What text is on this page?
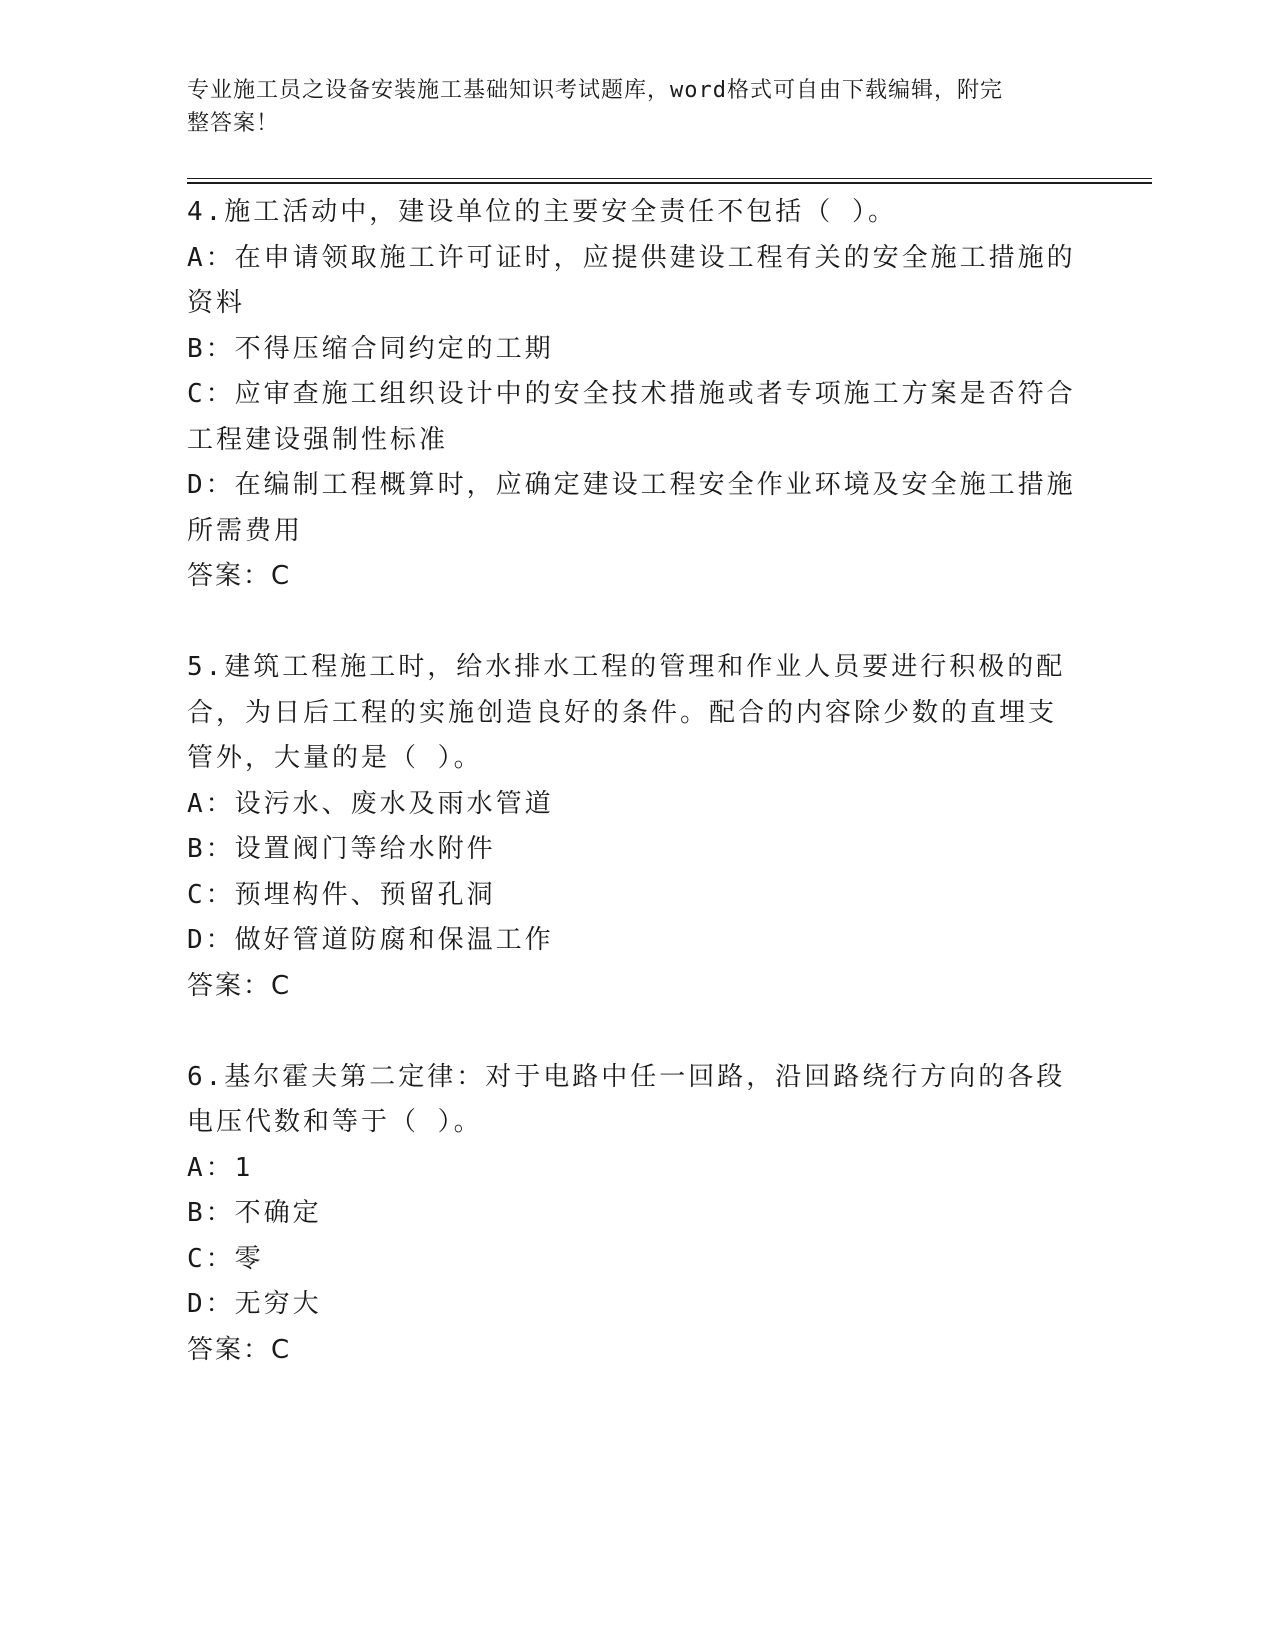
专业施工员之设备安装施工基础知识考试题库，word格式可自由下载编辑，附完
整答案！
4.施工活动中，建设单位的主要安全责任不包括（ ）。
A：在申请领取施工许可证时，应提供建设工程有关的安全施工措施的
资料
B：不得压缩合同约定的工期
C：应审查施工组织设计中的安全技术措施或者专项施工方案是否符合
工程建设强制性标准
D：在编制工程概算时，应确定建设工程安全作业环境及安全施工措施
所需费用
答案：C
5.建筑工程施工时，给水排水工程的管理和作业人员要进行积极的配
合，为日后工程的实施创造良好的条件。配合的内容除少数的直埋支
管外，大量的是（ ）。
A：设污水、废水及雨水管道
B：设置阀门等给水附件
C：预埋构件、预留孔洞
D：做好管道防腐和保温工作
答案：C
6.基尔霍夫第二定律：对于电路中任一回路，沿回路绕行方向的各段
电压代数和等于（ ）。
A：1
B：不确定
C：零
D：无穷大
答案：C
